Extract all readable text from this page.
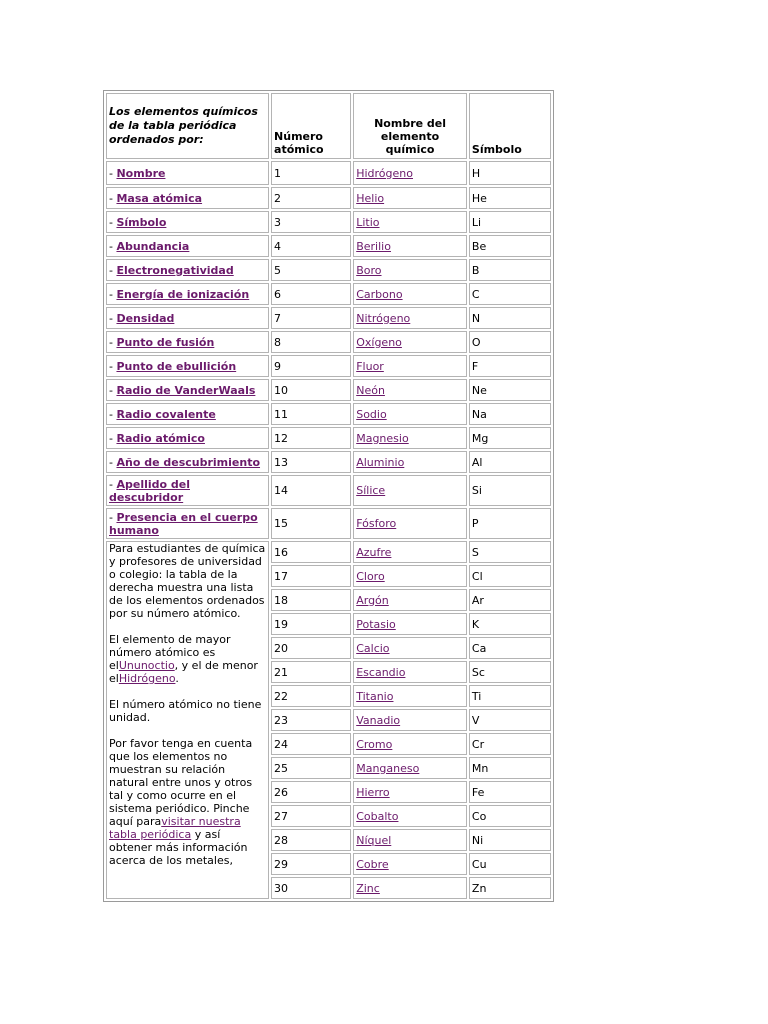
Los elementos químicos de la tabla periódica ordenados por:	Número atómico	Nombre del elemento químico	Símbolo
- Nombre	1	Hidrógeno	H
- Masa atómica	2	Helio	He
- Símbolo	3	Litio	Li
- Abundancia	4	Berilio	Be
- Electronegatividad	5	Boro	B
- Energía de ionización	6	Carbono	C
- Densidad	7	Nitrógeno	N
- Punto de fusión	8	Oxígeno	O
- Punto de ebullición	9	Fluor	F
- Radio de VanderWaals	10	Neón	Ne
- Radio covalente	11	Sodio	Na
- Radio atómico	12	Magnesio	Mg
- Año de descubrimiento	13	Aluminio	Al
- Apellido del descubridor	14	Sílice	Si
- Presencia en el cuerpo humano	15	Fósforo	P

Para estudiantes de química y profesores de universidad o colegio: la tabla de la derecha muestra una lista de los elementos ordenados por su número atómico.

El elemento de mayor número atómico es elUnunoctio, y el de menor elHidrógeno.

El número atómico no tiene unidad.

Por favor tenga en cuenta que los elementos no muestran su relación natural entre unos y otros tal y como ocurre en el sistema periódico. Pinche aquí paravisitar nuestra tabla periódica y así obtener más información acerca de los metales,	16	Azufre	S
	17	Cloro	Cl
	18	Argón	Ar
	19	Potasio	K
	20	Calcio	Ca
	21	Escandio	Sc
	22	Titanio	Ti
	23	Vanadio	V
	24	Cromo	Cr
	25	Manganeso	Mn
	26	Hierro	Fe
	27	Cobalto	Co
	28	Níquel	Ni
	29	Cobre	Cu
	30	Zinc	Zn
